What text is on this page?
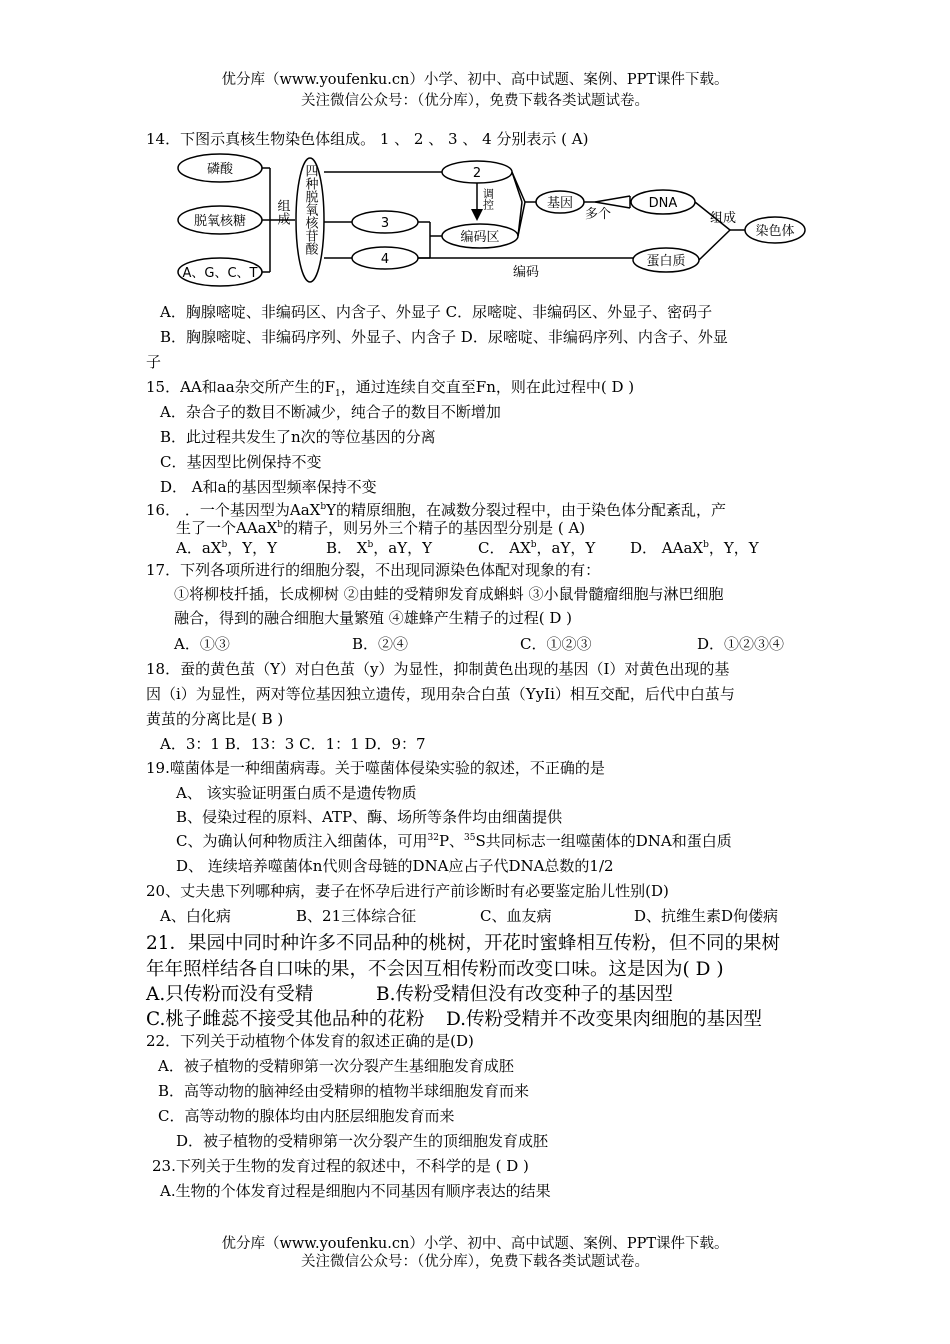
优分库（www.youfenku.cn）小学、初中、高中试题、案例、PPT课件下载。
关注微信公众号：（优分库），免费下载各类试题试卷。
14．下图示真核生物染色体组成。 1 、 2 、 3 、 4 分别表示 ( A)
磷酸
脱氧核糖
A、G、C、T
组成 四种脱氧核苷酸	2
3
4
调控
编码区
基因
多个
DNA
组成
染色体
蛋白质
编码
A．胸腺嘧啶、非编码区、内含子、外显子 C．尿嘧啶、非编码区、外显子、密码子
B．胸腺嘧啶、非编码序列、外显子、内含子 D．尿嘧啶、非编码序列、内含子、外显
子
15．AA和aa杂交所产生的$F_1$，通过连续自交直至Fn，则在此过程中( D )
A．杂合子的数目不断减少，纯合子的数目不断增加
B．此过程共发生了n次的等位基因的分离
C．基因型比例保持不变
D． A和a的基因型频率保持不变
16． ．一个基因型为AaX$^b$Y的精原细胞，在减数分裂过程中，由于染色体分配紊乱，产
生了一个AAaX$^b$的精子，则另外三个精子的基因型分别是 ( A)
A．$aX^b$，Y，Y	B． $X^b$，aY，Y	C． $AX^b$，aY，Y D． AAaX$^b$，Y，Y
17．下列各项所进行的细胞分裂，不出现同源染色体配对现象的有：
①将柳枝扦插，长成柳树 ②由蛙的受精卵发育成蝌蚪 ③小鼠骨髓瘤细胞与淋巴细胞
融合，得到的融合细胞大量繁殖 ④雄蜂产生精子的过程( D )
A．①③	B．②④	C．①②③	D．①②③④
18．蚕的黄色茧（Y）对白色茧（y）为显性，抑制黄色出现的基因（I）对黄色出现的基
因（i）为显性，两对等位基因独立遗传，现用杂合白茧（YyIi）相互交配，后代中白茧与
黄茧的分离比是( B )
A．3：1 B．13：3 C．1：1 D．9：7
19.噬菌体是一种细菌病毒。关于噬菌体侵染实验的叙述，不正确的是
A、 该实验证明蛋白质不是遗传物质
B、侵染过程的原料、ATP、酶、场所等条件均由细菌提供
C、为确认何种物质注入细菌体，可用$^{32}$P、$^{35}$S共同标志一组噬菌体的DNA和蛋白质
D、 连续培养噬菌体n代则含母链的DNA应占子代DNA总数的1/2
20、丈夫患下列哪种病，妻子在怀孕后进行产前诊断时有必要鉴定胎儿性别(D)
A、白化病	B、21三体综合征	C、血友病	D、抗维生素D佝偻病
21．果园中同时种许多不同品种的桃树，开花时蜜蜂相互传粉，但不同的果树
年年照样结各自口味的果，不会因互相传粉而改变口味。这是因为( D )
A.只传粉而没有受精	B.传粉受精但没有改变种子的基因型
C.桃子雌蕊不接受其他品种的花粉 D.传粉受精并不改变果肉细胞的基因型
22．下列关于动植物个体发育的叙述正确的是(D)
A．被子植物的受精卵第一次分裂产生基细胞发育成胚
B．高等动物的脑神经由受精卵的植物半球细胞发育而来
C．高等动物的腺体均由内胚层细胞发育而来
D．被子植物的受精卵第一次分裂产生的顶细胞发育成胚
23.下列关于生物的发育过程的叙述中，不科学的是 ( D )
A.生物的个体发育过程是细胞内不同基因有顺序表达的结果
优分库（www.youfenku.cn）小学、初中、高中试题、案例、PPT课件下载。
关注微信公众号：（优分库），免费下载各类试题试卷。
